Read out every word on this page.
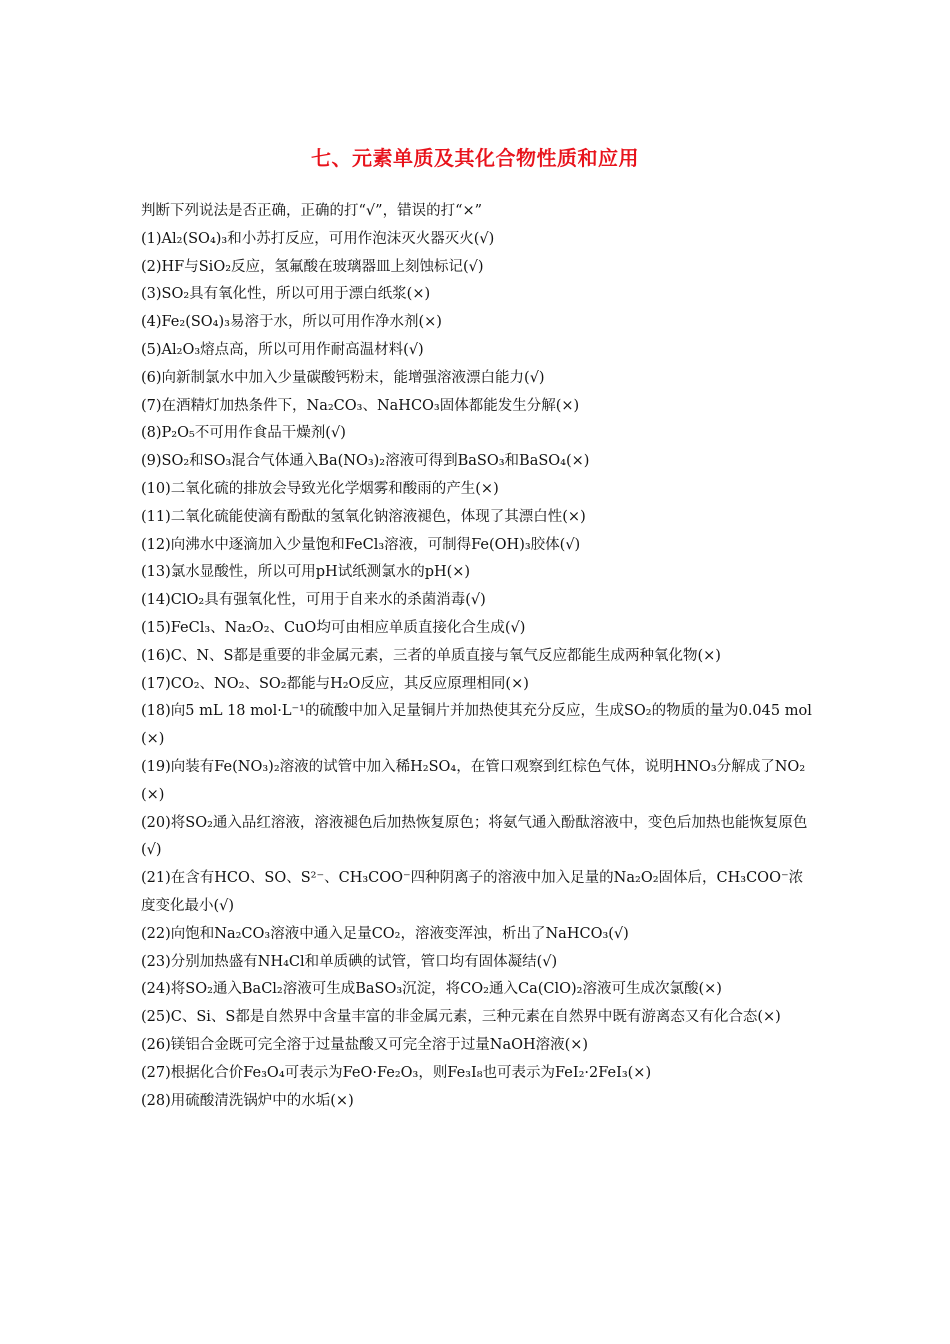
七、元素单质及其化合物性质和应用
判断下列说法是否正确，正确的打“√”，错误的打“×”
(1)Al₂(SO₄)₃和小苏打反应，可用作泡沫灭火器灭火(√)
(2)HF与SiO₂反应，氢氟酸在玻璃器皿上刻蚀标记(√)
(3)SO₂具有氧化性，所以可用于漂白纸浆(×)
(4)Fe₂(SO₄)₃易溶于水，所以可用作净水剂(×)
(5)Al₂O₃熔点高，所以可用作耐高温材料(√)
(6)向新制氯水中加入少量碳酸钙粉末，能增强溶液漂白能力(√)
(7)在酒精灯加热条件下，Na₂CO₃、NaHCO₃固体都能发生分解(×)
(8)P₂O₅不可用作食品干燥剂(√)
(9)SO₂和SO₃混合气体通入Ba(NO₃)₂溶液可得到BaSO₃和BaSO₄(×)
(10)二氧化硫的排放会导致光化学烟雾和酸雨的产生(×)
(11)二氧化硫能使滴有酚酞的氢氧化钠溶液褪色，体现了其漂白性(×)
(12)向沸水中逐滴加入少量饱和FeCl₃溶液，可制得Fe(OH)₃胶体(√)
(13)氯水显酸性，所以可用pH试纸测氯水的pH(×)
(14)ClO₂具有强氧化性，可用于自来水的杀菌消毒(√)
(15)FeCl₃、Na₂O₂、CuO均可由相应单质直接化合生成(√)
(16)C、N、S都是重要的非金属元素，三者的单质直接与氧气反应都能生成两种氧化物(×)
(17)CO₂、NO₂、SO₂都能与H₂O反应，其反应原理相同(×)
(18)向5 mL 18 mol·L⁻¹的硫酸中加入足量铜片并加热使其充分反应，生成SO₂的物质的量为0.045 mol(×)
(19)向装有Fe(NO₃)₂溶液的试管中加入稀H₂SO₄，在管口观察到红棕色气体，说明HNO₃分解成了NO₂(×)
(20)将SO₂通入品红溶液，溶液褪色后加热恢复原色；将氨气通入酚酞溶液中，变色后加热也能恢复原色(√)
(21)在含有HCO、SO、S²⁻、CH₃COO⁻四种阴离子的溶液中加入足量的Na₂O₂固体后，CH₃COO⁻浓度变化最小(√)
(22)向饱和Na₂CO₃溶液中通入足量CO₂，溶液变浑浊，析出了NaHCO₃(√)
(23)分别加热盛有NH₄Cl和单质碘的试管，管口均有固体凝结(√)
(24)将SO₂通入BaCl₂溶液可生成BaSO₃沉淀，将CO₂通入Ca(ClO)₂溶液可生成次氯酸(×)
(25)C、Si、S都是自然界中含量丰富的非金属元素，三种元素在自然界中既有游离态又有化合态(×)
(26)镁铝合金既可完全溶于过量盐酸又可完全溶于过量NaOH溶液(×)
(27)根据化合价Fe₃O₄可表示为FeO·Fe₂O₃，则Fe₃I₈也可表示为FeI₂·2FeI₃(×)
(28)用硫酸清洗锅炉中的水垢(×)
